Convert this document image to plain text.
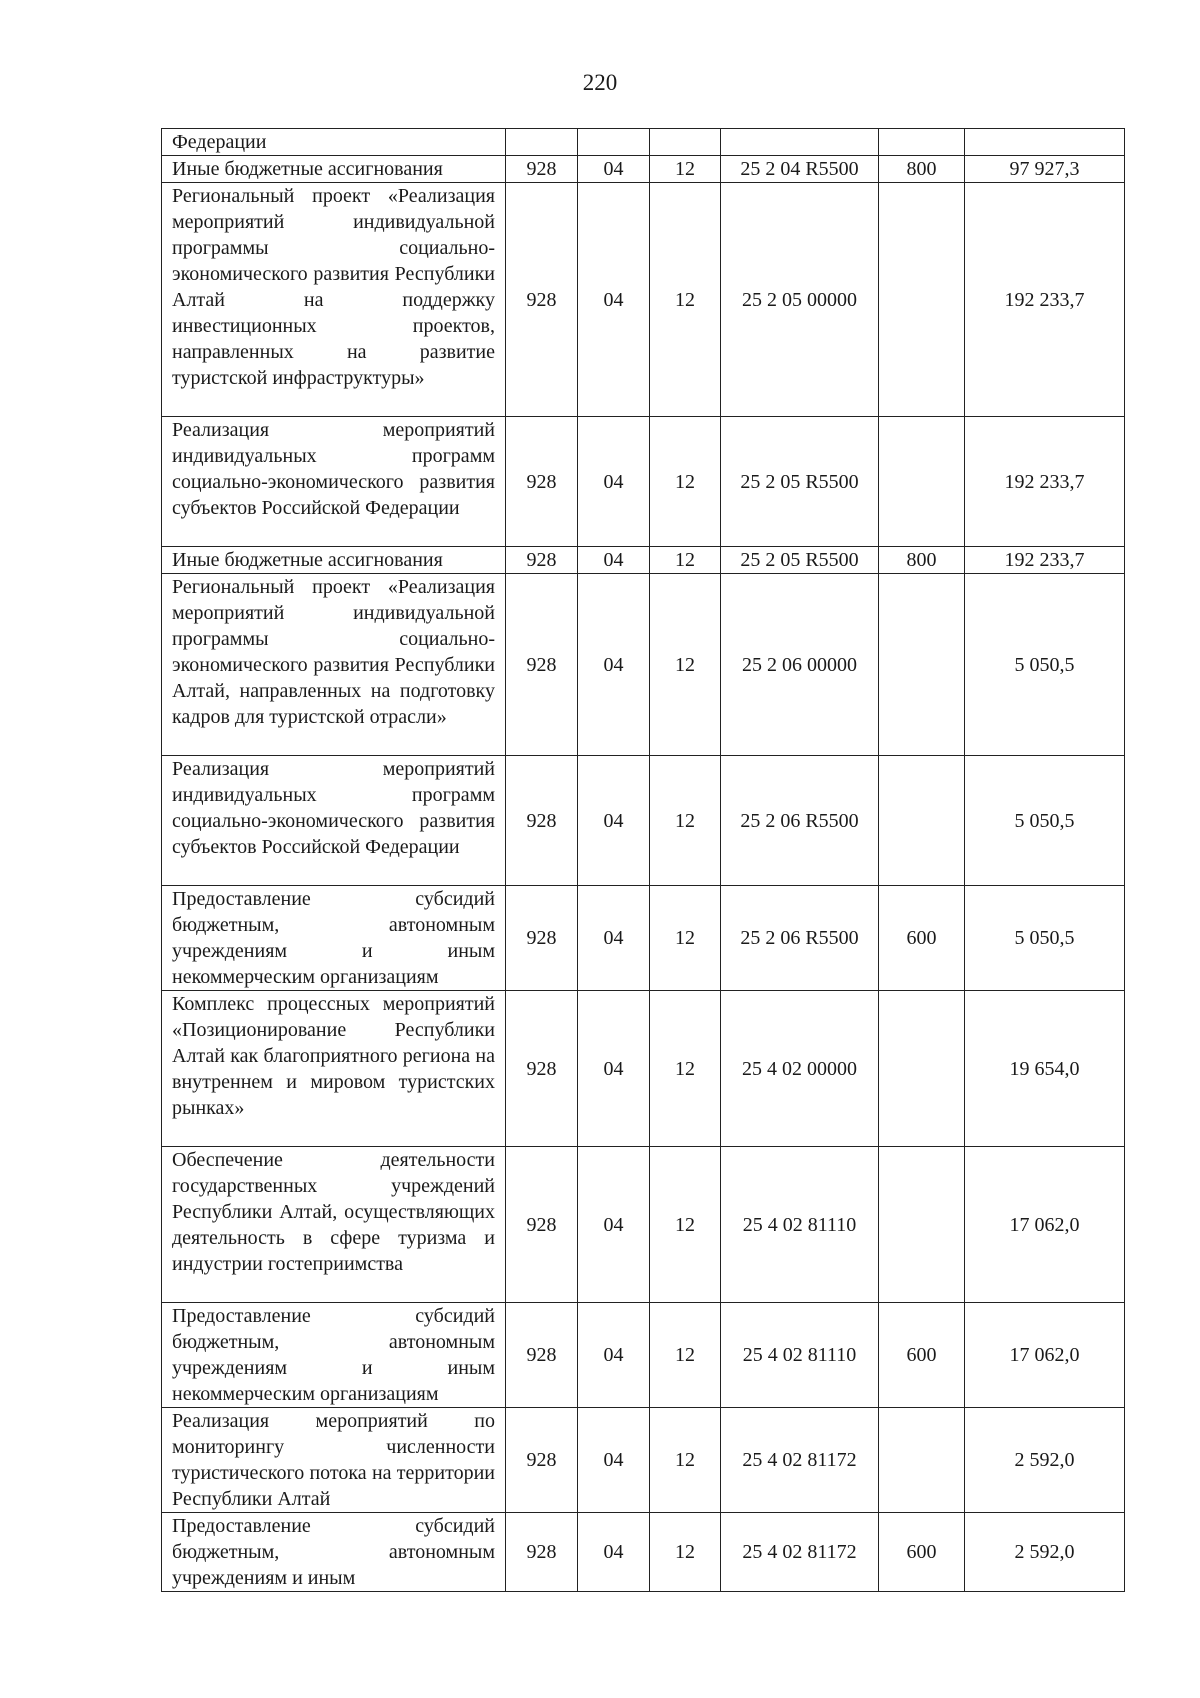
220
Федерации						
Иные бюджетные ассигнования	928	04	12	25 2 04 R5500	800	97 927,3
Региональный проект «Реализация мероприятий индивидуальной программы социально-экономического развития Республики Алтай на поддержку инвестиционных проектов, направленных на развитие туристской инфраструктуры»	928	04	12	25 2 05 00000		192 233,7
Реализация мероприятий индивидуальных программ социально-экономического развития субъектов Российской Федерации	928	04	12	25 2 05 R5500		192 233,7
Иные бюджетные ассигнования	928	04	12	25 2 05 R5500	800	192 233,7
Региональный проект «Реализация мероприятий индивидуальной программы социально-экономического развития Республики Алтай, направленных на подготовку кадров для туристской отрасли»	928	04	12	25 2 06 00000		5 050,5
Реализация мероприятий индивидуальных программ социально-экономического развития субъектов Российской Федерации	928	04	12	25 2 06 R5500		5 050,5
Предоставление субсидий бюджетным, автономным учреждениям и иным некоммерческим организациям	928	04	12	25 2 06 R5500	600	5 050,5
Комплекс процессных мероприятий «Позиционирование Республики Алтай как благоприятного региона на внутреннем и мировом туристских рынках»	928	04	12	25 4 02 00000		19 654,0
Обеспечение деятельности государственных учреждений Республики Алтай, осуществляющих деятельность в сфере туризма и индустрии гостеприимства	928	04	12	25 4 02 81110		17 062,0
Предоставление субсидий бюджетным, автономным учреждениям и иным некоммерческим организациям	928	04	12	25 4 02 81110	600	17 062,0
Реализация мероприятий по мониторингу численности туристического потока на территории Республики Алтай	928	04	12	25 4 02 81172		2 592,0
Предоставление субсидий бюджетным, автономным учреждениям и иным	928	04	12	25 4 02 81172	600	2 592,0
